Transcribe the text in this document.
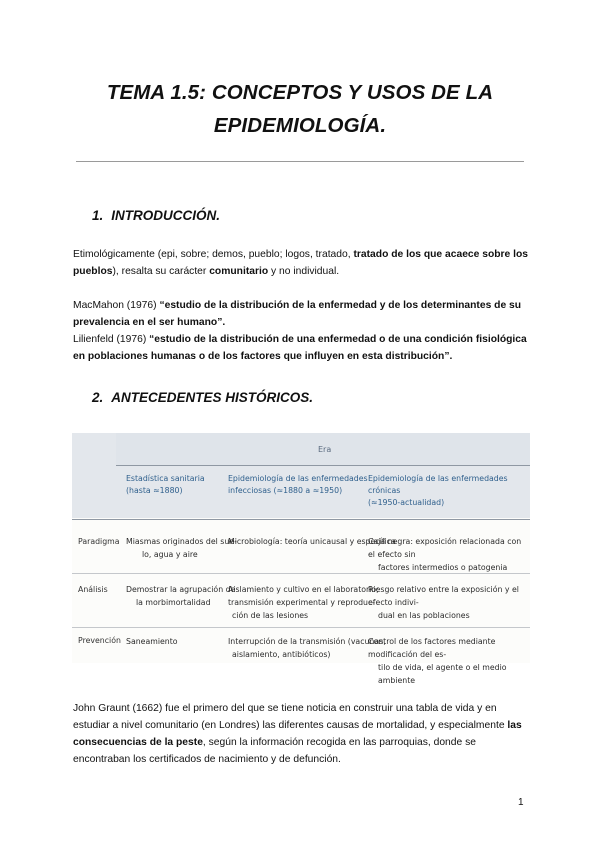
TEMA 1.5: CONCEPTOS Y USOS DE LA
EPIDEMIOLOGÍA.
1. INTRODUCCIÓN.

Etimológicamente (epi, sobre; demos, pueblo; logos, tratado, tratado de los que acaece sobre los pueblos), resalta su carácter comunitario y no individual.

MacMahon (1976) “estudio de la distribución de la enfermedad y de los determinantes de su prevalencia en el ser humano”.

Lilienfeld (1976) “estudio de la distribución de una enfermedad o de una condición fisiológica en poblaciones humanas o de los factores que influyen en esta distribución”.

2. ANTECEDENTES HISTÓRICOS.
Era
Estadística sanitaria
(hasta ≈1880)
Epidemiología de las enfermedades
infecciosas (≈1880 a ≈1950)
Epidemiología de las enfermedades crónicas
(≈1950-actualidad)
Paradigma Miasmas originados del sue-
lo, agua y aire
Microbiología: teoría unicausal y específica
Caja negra: exposición relacionada con el efecto sin
factores intermedios o patogenia
Análisis Demostrar la agrupación de
la morbimortalidad
Aislamiento y cultivo en el laboratorio;
transmisión experimental y reproduc-
ción de las lesiones
Riesgo relativo entre la exposición y el efecto indivi-
dual en las poblaciones
Prevención Saneamiento	Interrupción de la transmisión (vacunas,
aislamiento, antibióticos)
Control de los factores mediante modificación del es-
tilo de vida, el agente o el medio ambiente

John Graunt (1662) fue el primero del que se tiene noticia en construir una tabla de vida y en estudiar a nivel comunitario (en Londres) las diferentes causas de mortalidad, y especialmente las consecuencias de la peste, según la información recogida en las parroquias, donde se encontraban los certificados de nacimiento y de defunción.

1
